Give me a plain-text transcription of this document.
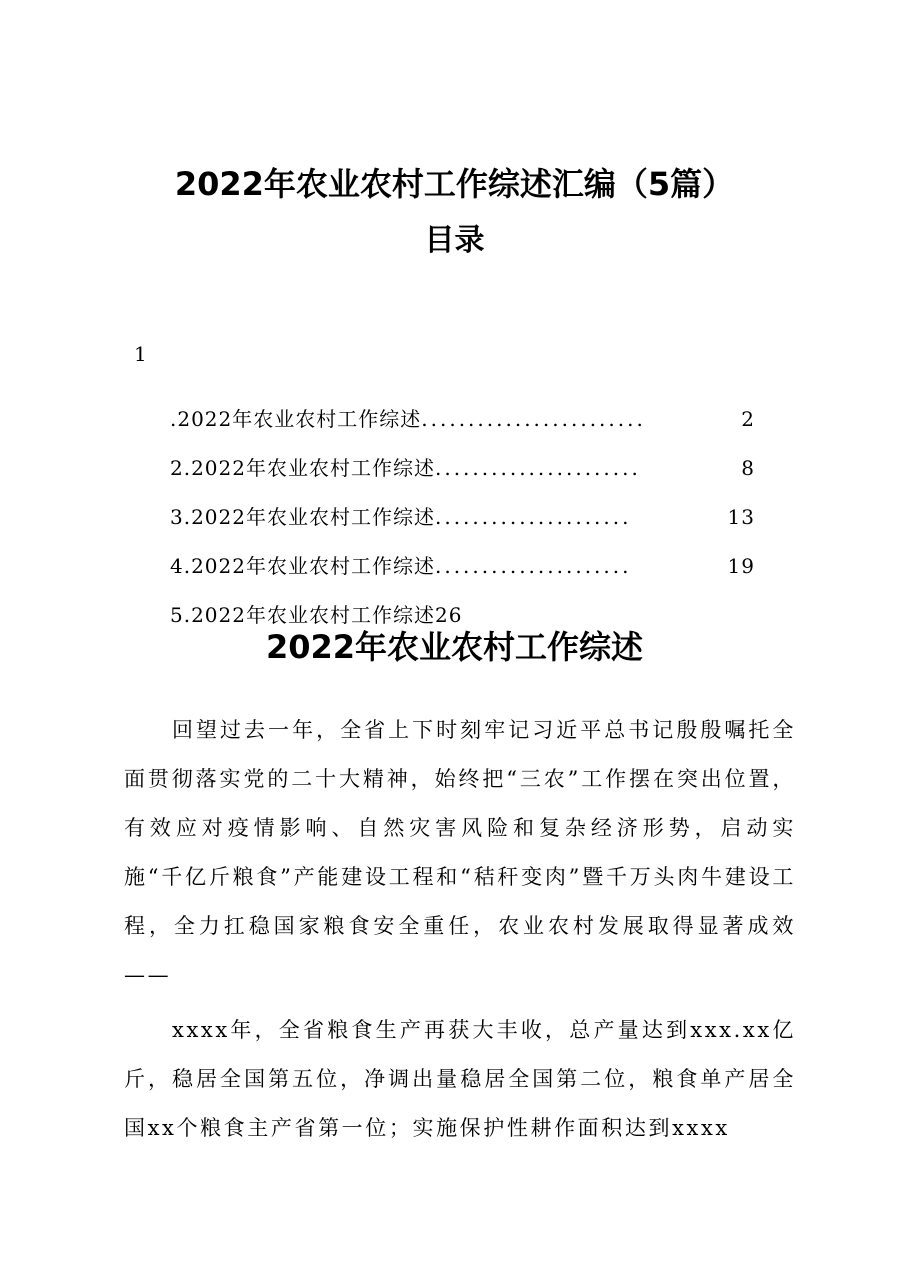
2022年农业农村工作综述汇编（5篇）
目录
1
.2022年农业农村工作综述 ........................	2
2.2022年农业农村工作综述 ......................	8
3.2022年农业农村工作综述 .....................	13
4.2022年农业农村工作综述 .....................	19
5.2022年农业农村工作综述 26
2022年农业农村工作综述

回望过去一年，全省上下时刻牢记习近平总书记殷殷嘱托全面贯彻落实党的二十大精神，始终把“三农”工作摆在突出位置，有效应对疫情影响、自然灾害风险和复杂经济形势，启动实施“千亿斤粮食”产能建设工程和“秸秆变肉”暨千万头肉牛建设工程，全力扛稳国家粮食安全重任，农业农村发展取得显著成效——

xxxx年，全省粮食生产再获大丰收，总产量达到xxx.xx亿斤，稳居全国第五位，净调出量稳居全国第二位，粮食单产居全国xx个粮食主产省第一位；实施保护性耕作面积达到xxxx
